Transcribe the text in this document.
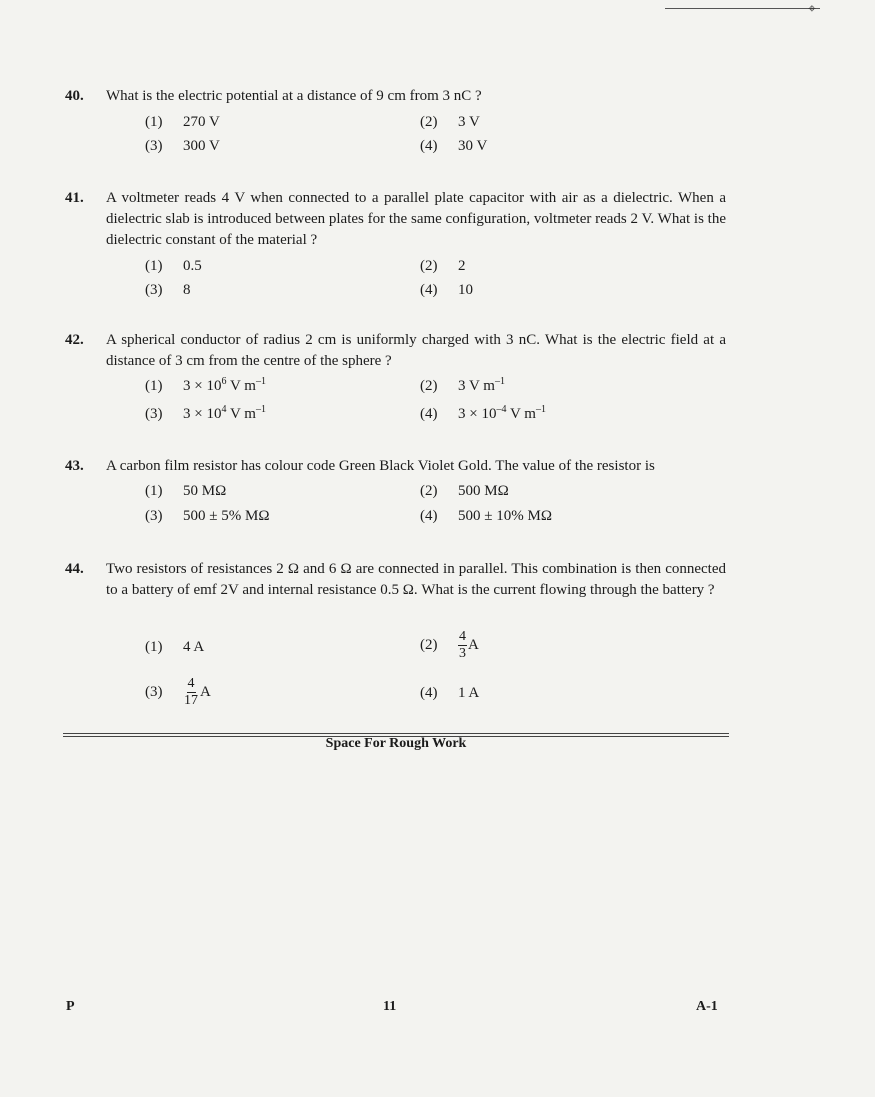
⌖
40. What is the electric potential at a distance of 9 cm from 3 nC ?
(1) 270 V	(2) 3 V
(3) 300 V	(4) 30 V
41. A voltmeter reads 4 V when connected to a parallel plate capacitor with air as a dielectric. When a dielectric slab is introduced between plates for the same configuration, voltmeter reads 2 V. What is the dielectric constant of the material ?
(1) 0.5	(2) 2
(3) 8	(4) 10
42. A spherical conductor of radius 2 cm is uniformly charged with 3 nC. What is the electric field at a distance of 3 cm from the centre of the sphere ?
(1) $3 \times 10^6$ V $m^{-1}$	(2) 3 V $m^{-1}$
(3) $3 \times 10^4$ V $m^{-1}$	(4) $3 \times 10^{-4}$ V $m^{-1}$
43. A carbon film resistor has colour code Green Black Violet Gold. The value of the resistor is
(1) 50 MΩ	(2) 500 MΩ
(3) 500 ± 5% MΩ	(4) 500 ± 10% MΩ
44. Two resistors of resistances 2 Ω and 6 Ω are connected in parallel. This combination is then connected to a battery of emf 2V and internal resistance 0.5 Ω. What is the current flowing through the battery ?
(1) 4 A	$(2) \frac{4}{3}$ A
$(3) \frac{4}{17}$ A	(4) 1 A
Space For Rough Work
P	11	A-1
